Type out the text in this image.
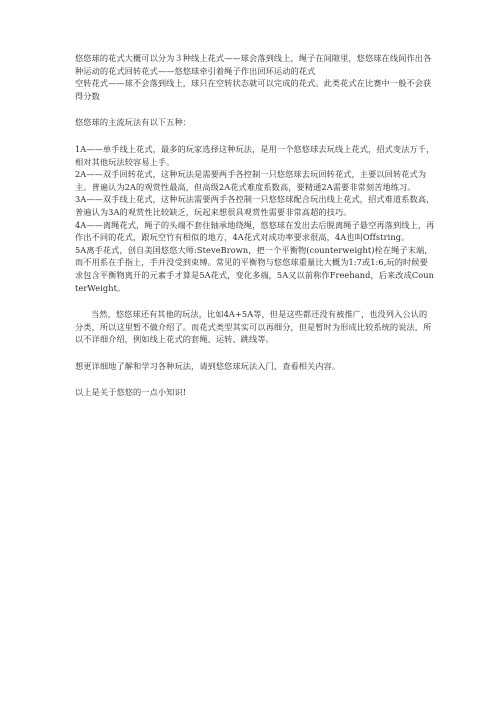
悠悠球的花式大概可以分为３种线上花式——球会落到线上，绳子在间隙里，悠悠球在线间作出各种运动的花式回转花式——悠悠球牵引着绳子作出回环运动的花式

空转花式——球不会落到线上，球只在空转状态就可以完成的花式。此类花式在比赛中一般不会获得分数

悠悠球的主流玩法有以下五种：

1A——单手线上花式，最多的玩家选择这种玩法，是用一个悠悠球去玩线上花式，招式变法万千，相对其他玩法较容易上手。

2A——双手回转花式，这种玩法是需要两手各控制一只悠悠球去玩回转花式，主要以回转花式为主。普遍认为2A的观赏性最高，但高级2A花式难度系数高，要精通2A需要非常刻苦地练习。

3A——双手线上花式，这种玩法需要两手各控制一只悠悠球配合玩出线上花式，招式难道系数高，普遍认为3A的观赏性比较缺乏，玩起来想很具观赏性需要非常高超的技巧。

4A——离绳花式，绳子的头端不套住轴承地绕绳，悠悠球在发出去后脱离绳子悬空再落到线上，再作出不同的花式，跟玩空竹有相似的地方，4A花式对成功率要求很高，4A也叫Offstring。

5A离手花式，创自美国悠悠大师:SteveBrown，把一个平衡物(counterweight)栓在绳子末端，而不用系在手指上，手并没受到束缚。常见的平衡物与悠悠球重量比大概为1:7或1:6,玩的时候要求包含平衡物离开的元素手才算是5A花式，变化多端，5A又以前称作Freehand，后来改成CounterWeight。

当然，悠悠球还有其他的玩法，比如4A+5A等，但是这些都还没有被推广，也没列入公认的分类，所以这里暂不做介绍了。而花式类型其实可以再细分，但是暂时为形成比较系统的说法，所以不详细介绍，例如线上花式的套绳、运转、跳线等。

想更详细地了解和学习各种玩法，请到悠悠球玩法入门，查看相关内容。

以上是关于悠悠的一点小知识!
